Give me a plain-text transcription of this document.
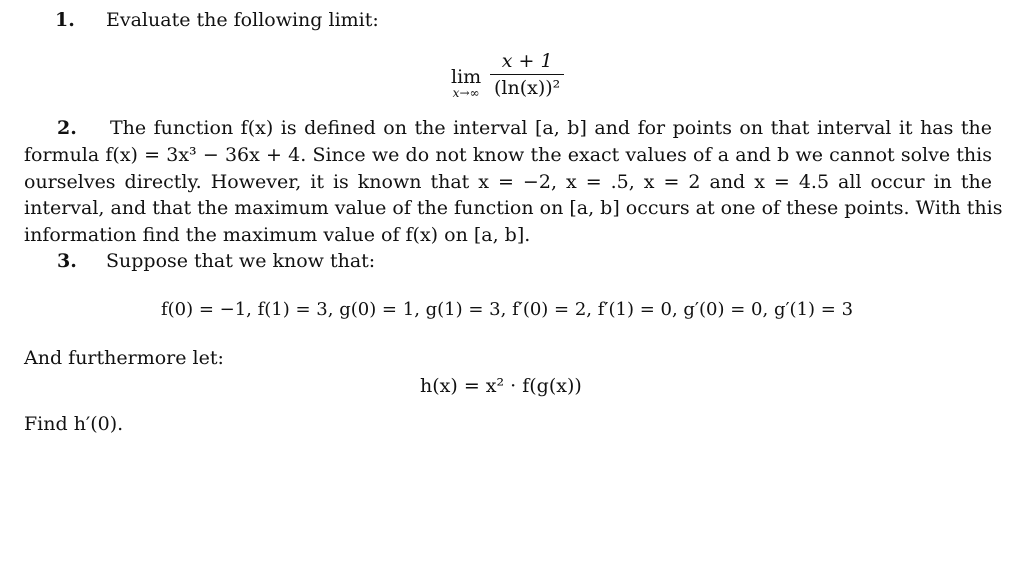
1. Evaluate the following limit:
lim
x→∞
x + 1
(ln(x))²
2. The function f(x) is defined on the interval [a, b] and for points on that interval it has the
formula f(x) = 3x³ − 36x + 4. Since we do not know the exact values of a and b we cannot solve this
ourselves directly. However, it is known that x = −2, x = .5, x = 2 and x = 4.5 all occur in the
interval, and that the maximum value of the function on [a, b] occurs at one of these points. With this
information find the maximum value of f(x) on [a, b].
3. Suppose that we know that:
f(0) = −1, f(1) = 3, g(0) = 1, g(1) = 3, f′(0) = 2, f′(1) = 0, g′(0) = 0, g′(1) = 3
And furthermore let:
h(x) = x² · f(g(x))
Find h′(0).
